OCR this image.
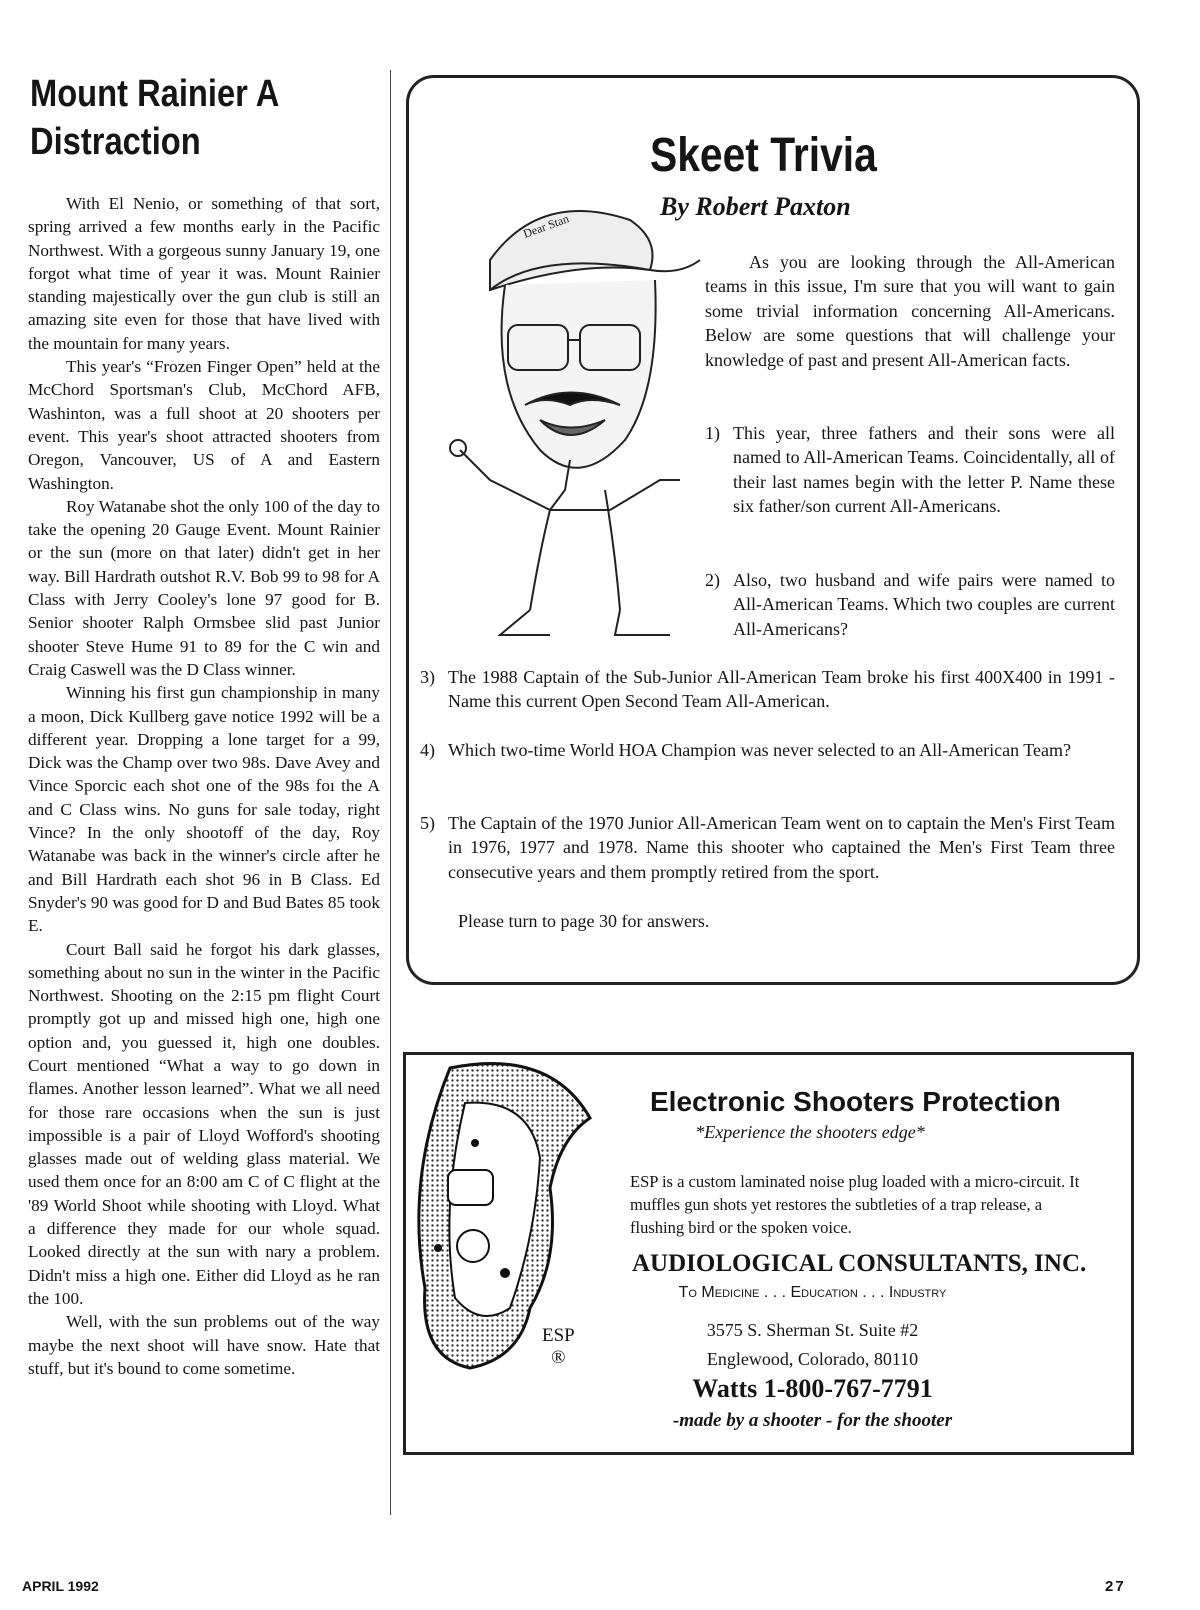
Mount Rainier A Distraction

With El Nenio, or something of that sort, spring arrived a few months early in the Pacific Northwest. With a gorgeous sunny January 19, one forgot what time of year it was. Mount Rainier standing majestically over the gun club is still an amazing site even for those that have lived with the mountain for many years.

This year's “Frozen Finger Open” held at the McChord Sportsman's Club, McChord AFB, Washinton, was a full shoot at 20 shooters per event. This year's shoot attracted shooters from Oregon, Vancouver, US of A and Eastern Washington.

Roy Watanabe shot the only 100 of the day to take the opening 20 Gauge Event. Mount Rainier or the sun (more on that later) didn't get in her way. Bill Hardrath outshot R.V. Bob 99 to 98 for A Class with Jerry Cooley's lone 97 good for B. Senior shooter Ralph Ormsbee slid past Junior shooter Steve Hume 91 to 89 for the C win and Craig Caswell was the D Class winner.

Winning his first gun championship in many a moon, Dick Kullberg gave notice 1992 will be a different year. Dropping a lone target for a 99, Dick was the Champ over two 98s. Dave Avey and Vince Sporcic each shot one of the 98s foı the A and C Class wins. No guns for sale today, right Vince? In the only shootoff of the day, Roy Watanabe was back in the winner's circle after he and Bill Hardrath each shot 96 in B Class. Ed Snyder's 90 was good for D and Bud Bates 85 took E.

Court Ball said he forgot his dark glasses, something about no sun in the winter in the Pacific Northwest. Shooting on the 2:15 pm flight Court promptly got up and missed high one, high one option and, you guessed it, high one doubles. Court mentioned “What a way to go down in flames. Another lesson learned”. What we all need for those rare occasions when the sun is just impossible is a pair of Lloyd Wofford's shooting glasses made out of welding glass material. We used them once for an 8:00 am C of C flight at the '89 World Shoot while shooting with Lloyd. What a difference they made for our whole squad. Looked directly at the sun with nary a problem. Didn't miss a high one. Either did Lloyd as he ran the 100.

Well, with the sun problems out of the way maybe the next shoot will have snow. Hate that stuff, but it's bound to come sometime.

Skeet Trivia
By Robert Paxton
Dear Stan
As you are looking through the All-American teams in this issue, I'm sure that you will want to gain some trivial information concerning All-Americans. Below are some questions that will challenge your knowledge of past and present All-American facts.
1) This year, three fathers and their sons were all named to All-American Teams. Coincidentally, all of their last names begin with the letter P. Name these six father/son current All-Americans.
2) Also, two husband and wife pairs were named to All-American Teams. Which two couples are current All-Americans?
3) The 1988 Captain of the Sub-Junior All-American Team broke his first 400X400 in 1991 - Name this current Open Second Team All-American.
4) Which two-time World HOA Champion was never selected to an All-American Team?
5) The Captain of the 1970 Junior All-American Team went on to captain the Men's First Team in 1976, 1977 and 1978. Name this shooter who captained the Men's First Team three consecutive years and them promptly retired from the sport.
Please turn to page 30 for answers.
ESP
®
Electronic Shooters Protection
*Experience the shooters edge*
ESP is a custom laminated noise plug loaded with a micro-circuit. It muffles gun shots yet restores the subtleties of a trap release, a flushing bird or the spoken voice.
AUDIOLOGICAL CONSULTANTS, INC.
To Medicine . . . Education . . . Industry
3575 S. Sherman St. Suite #2
Englewood, Colorado, 80110
Watts 1-800-767-7791
-made by a shooter - for the shooter
APRIL 1992	27
